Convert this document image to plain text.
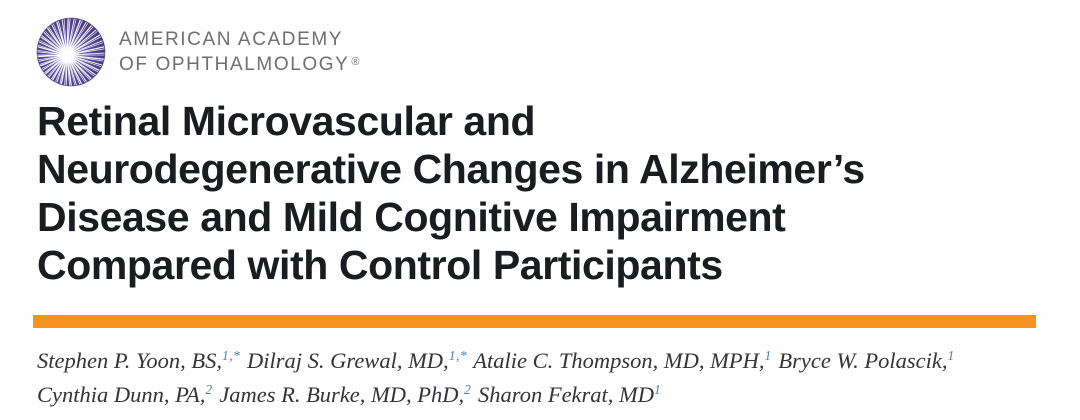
AMERICAN ACADEMY
OF OPHTHALMOLOGY ®
Retinal Microvascular and
Neurodegenerative Changes in Alzheimer’s
Disease and Mild Cognitive Impairment
Compared with Control Participants
Stephen P. Yoon, BS,$^{1,*}$ Dilraj S. Grewal, MD,$^{1,*}$ Atalie C. Thompson, MD, MPH,$^1$ Bryce W. Polascik,$^1$
Cynthia Dunn, PA,$^2$ James R. Burke, MD, PhD,$^2$ Sharon Fekrat, $MD^1$
